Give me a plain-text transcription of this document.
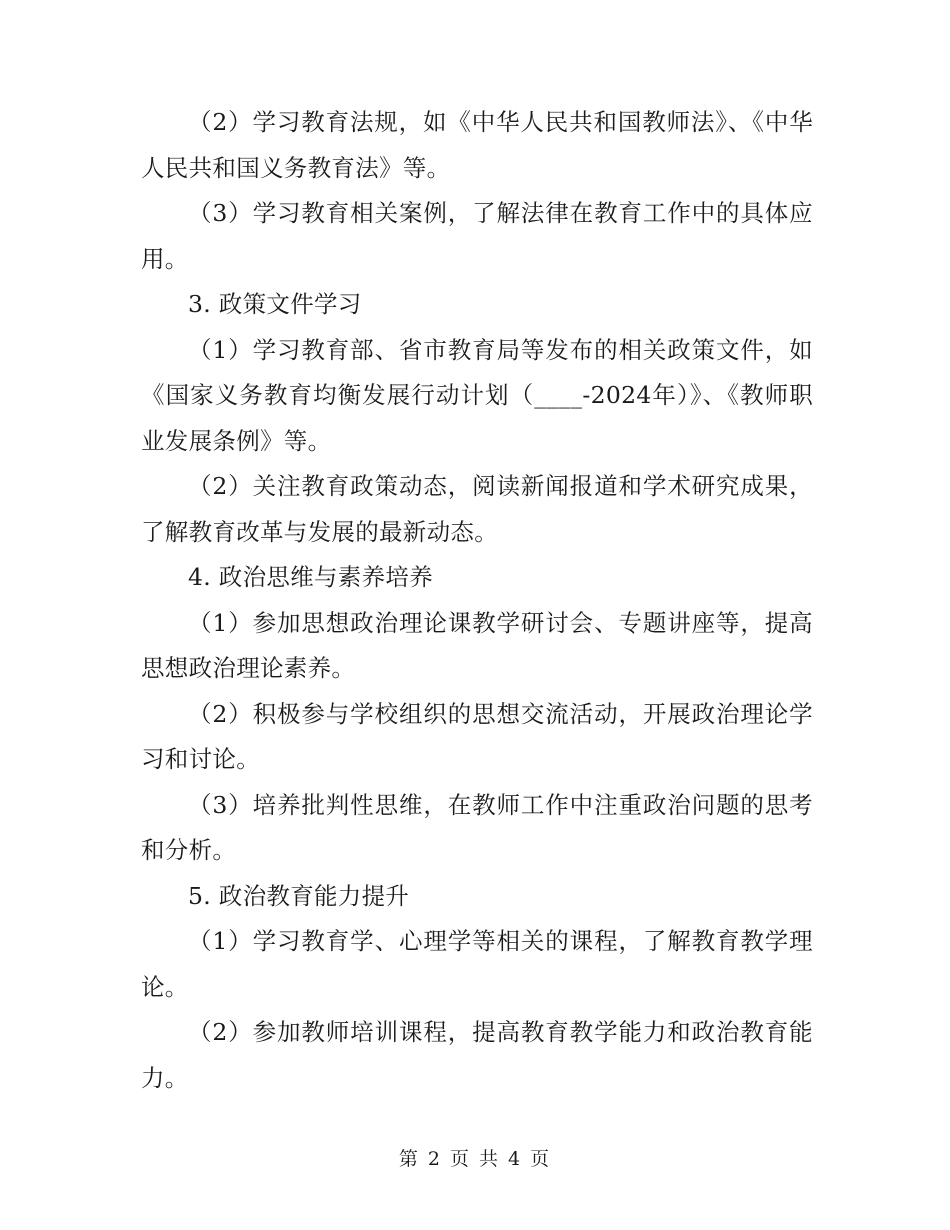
（2）学习教育法规，如《中华人民共和国教师法》、《中华人民共和国义务教育法》等。

（3）学习教育相关案例，了解法律在教育工作中的具体应用。

3. 政策文件学习

（1）学习教育部、省市教育局等发布的相关政策文件，如《国家义务教育均衡发展行动计划（____-2024年）》、《教师职业发展条例》等。

（2）关注教育政策动态，阅读新闻报道和学术研究成果，了解教育改革与发展的最新动态。

4. 政治思维与素养培养

（1）参加思想政治理论课教学研讨会、专题讲座等，提高思想政治理论素养。

（2）积极参与学校组织的思想交流活动，开展政治理论学习和讨论。

（3）培养批判性思维，在教师工作中注重政治问题的思考和分析。

5. 政治教育能力提升

（1）学习教育学、心理学等相关的课程，了解教育教学理论。

（2）参加教师培训课程，提高教育教学能力和政治教育能力。

第 2 页 共 4 页
